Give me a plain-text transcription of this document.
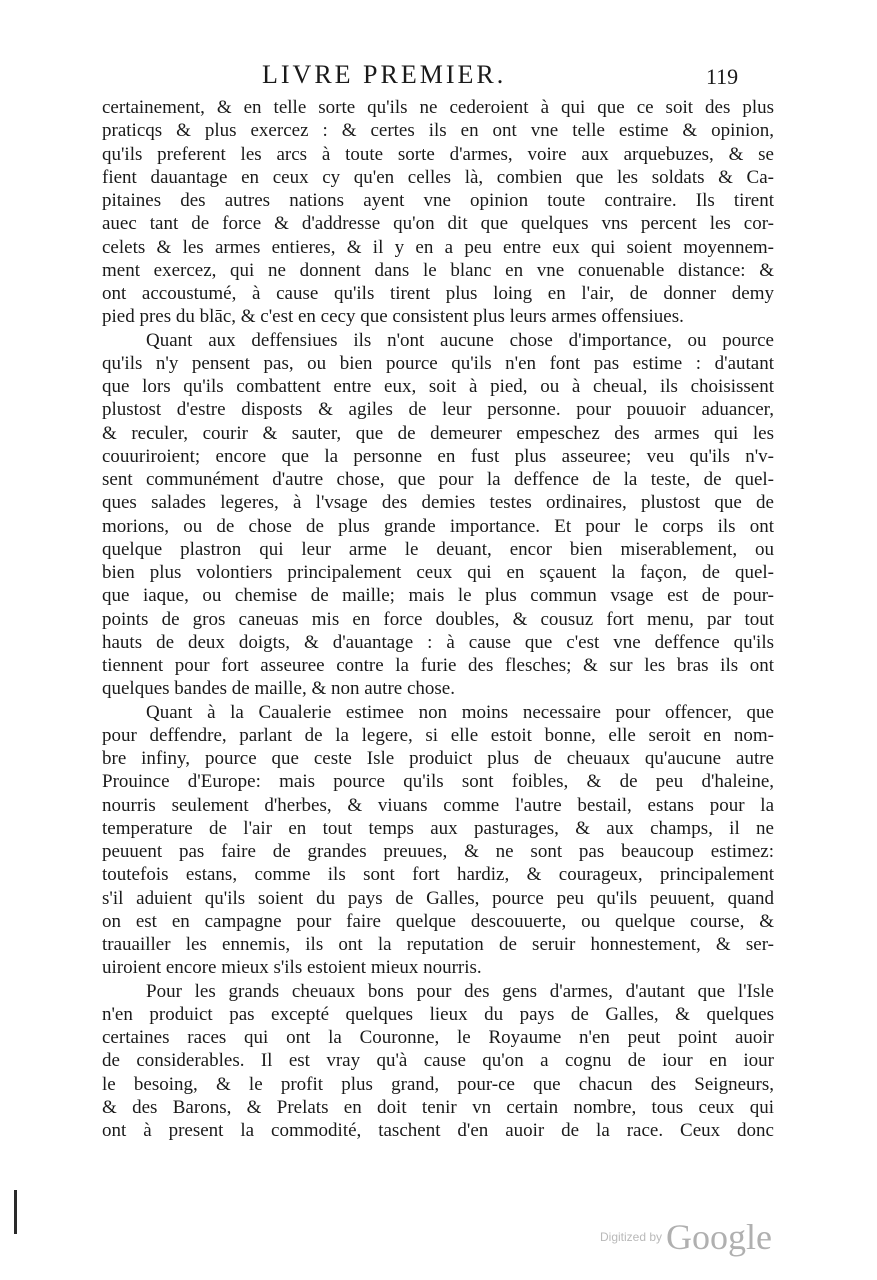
LIVRE PREMIER.	119
certainement, & en telle sorte qu'ils ne cederoient à qui que ce soit des plus
praticqs & plus exercez : & certes ils en ont vne telle estime & opinion,
qu'ils preferent les arcs à toute sorte d'armes, voire aux arquebuzes, & se
fient dauantage en ceux cy qu'en celles là, combien que les soldats & Ca-
pitaines des autres nations ayent vne opinion toute contraire. Ils tirent
auec tant de force & d'addresse qu'on dit que quelques vns percent les cor-
celets & les armes entieres, & il y en a peu entre eux qui soient moyennem-
ment exercez, qui ne donnent dans le blanc en vne conuenable distance: &
ont accoustumé, à cause qu'ils tirent plus loing en l'air, de donner demy
pied pres du blāc, & c'est en cecy que consistent plus leurs armes offensiues.
Quant aux deffensiues ils n'ont aucune chose d'importance, ou pource
qu'ils n'y pensent pas, ou bien pource qu'ils n'en font pas estime : d'autant
que lors qu'ils combattent entre eux, soit à pied, ou à cheual, ils choisissent
plustost d'estre disposts & agiles de leur personne. pour pouuoir aduancer,
& reculer, courir & sauter, que de demeurer empeschez des armes qui les
couuriroient; encore que la personne en fust plus asseuree; veu qu'ils n'v-
sent communément d'autre chose, que pour la deffence de la teste, de quel-
ques salades legeres, à l'vsage des demies testes ordinaires, plustost que de
morions, ou de chose de plus grande importance. Et pour le corps ils ont
quelque plastron qui leur arme le deuant, encor bien miserablement, ou
bien plus volontiers principalement ceux qui en sçauent la façon, de quel-
que iaque, ou chemise de maille; mais le plus commun vsage est de pour-
points de gros caneuas mis en force doubles, & cousuz fort menu, par tout
hauts de deux doigts, & d'auantage : à cause que c'est vne deffence qu'ils
tiennent pour fort asseuree contre la furie des flesches; & sur les bras ils ont
quelques bandes de maille, & non autre chose.
Quant à la Caualerie estimee non moins necessaire pour offencer, que
pour deffendre, parlant de la legere, si elle estoit bonne, elle seroit en nom-
bre infiny, pource que ceste Isle produict plus de cheuaux qu'aucune autre
Prouince d'Europe: mais pource qu'ils sont foibles, & de peu d'haleine,
nourris seulement d'herbes, & viuans comme l'autre bestail, estans pour la
temperature de l'air en tout temps aux pasturages, & aux champs, il ne
peuuent pas faire de grandes preuues, & ne sont pas beaucoup estimez:
toutefois estans, comme ils sont fort hardiz, & courageux, principalement
s'il aduient qu'ils soient du pays de Galles, pource peu qu'ils peuuent, quand
on est en campagne pour faire quelque descouuerte, ou quelque course, &
trauailler les ennemis, ils ont la reputation de seruir honnestement, & ser-
uiroient encore mieux s'ils estoient mieux nourris.
Pour les grands cheuaux bons pour des gens d'armes, d'autant que l'Isle
n'en produict pas excepté quelques lieux du pays de Galles, & quelques
certaines races qui ont la Couronne, le Royaume n'en peut point auoir
de considerables. Il est vray qu'à cause qu'on a cognu de iour en iour
le besoing, & le profit plus grand, pour-ce que chacun des Seigneurs,
& des Barons, & Prelats en doit tenir vn certain nombre, tous ceux qui
ont à present la commodité, taschent d'en auoir de la race. Ceux donc
Digitized by Google
